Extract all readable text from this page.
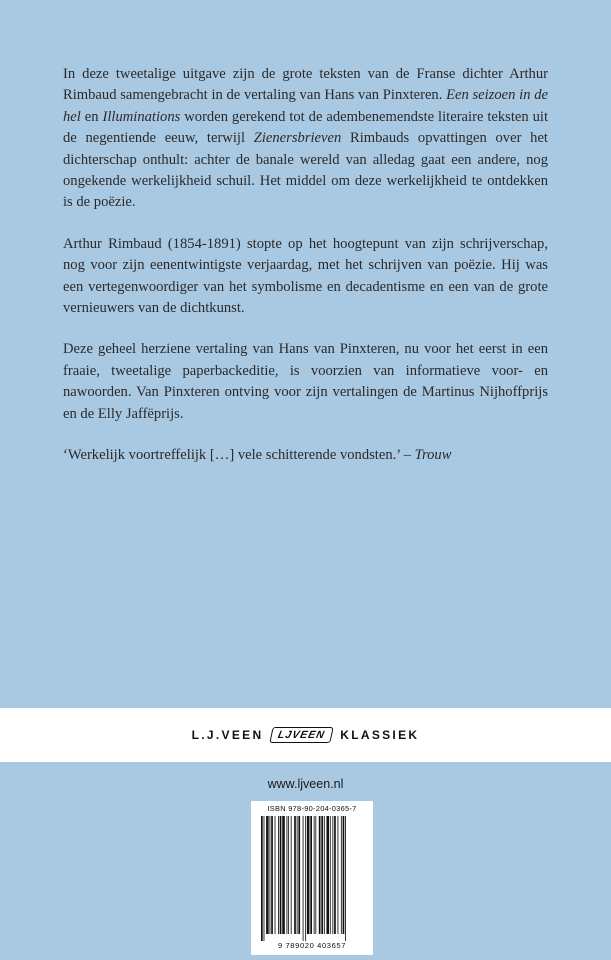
In deze tweetalige uitgave zijn de grote teksten van de Franse dichter Arthur Rimbaud samengebracht in de vertaling van Hans van Pinxteren. Een seizoen in de hel en Illuminations worden gerekend tot de adembenemendste literaire teksten uit de negentiende eeuw, terwijl Zienersbrieven Rimbauds opvattingen over het dichterschap onthult: achter de banale wereld van alledag gaat een andere, nog ongekende werkelijkheid schuil. Het middel om deze werkelijkheid te ontdekken is de poëzie.

Arthur Rimbaud (1854-1891) stopte op het hoogtepunt van zijn schrijverschap, nog voor zijn eenentwintigste verjaardag, met het schrijven van poëzie. Hij was een vertegenwoordiger van het symbolisme en decadentisme en een van de grote vernieuwers van de dichtkunst.

Deze geheel herziene vertaling van Hans van Pinxteren, nu voor het eerst in een fraaie, tweetalige paperbackeditie, is voorzien van informatieve voor- en nawoorden. Van Pinxteren ontving voor zijn vertalingen de Martinus Nijhoffprijs en de Elly Jaffëprijs.

‘Werkelijk voortreffelijk […] vele schitterende vondsten.’ – Trouw

L.J.VEEN LJVEEN KLASSIEK
www.ljveen.nl
ISBN 978-90-204-0365-7
9 789020 403657
